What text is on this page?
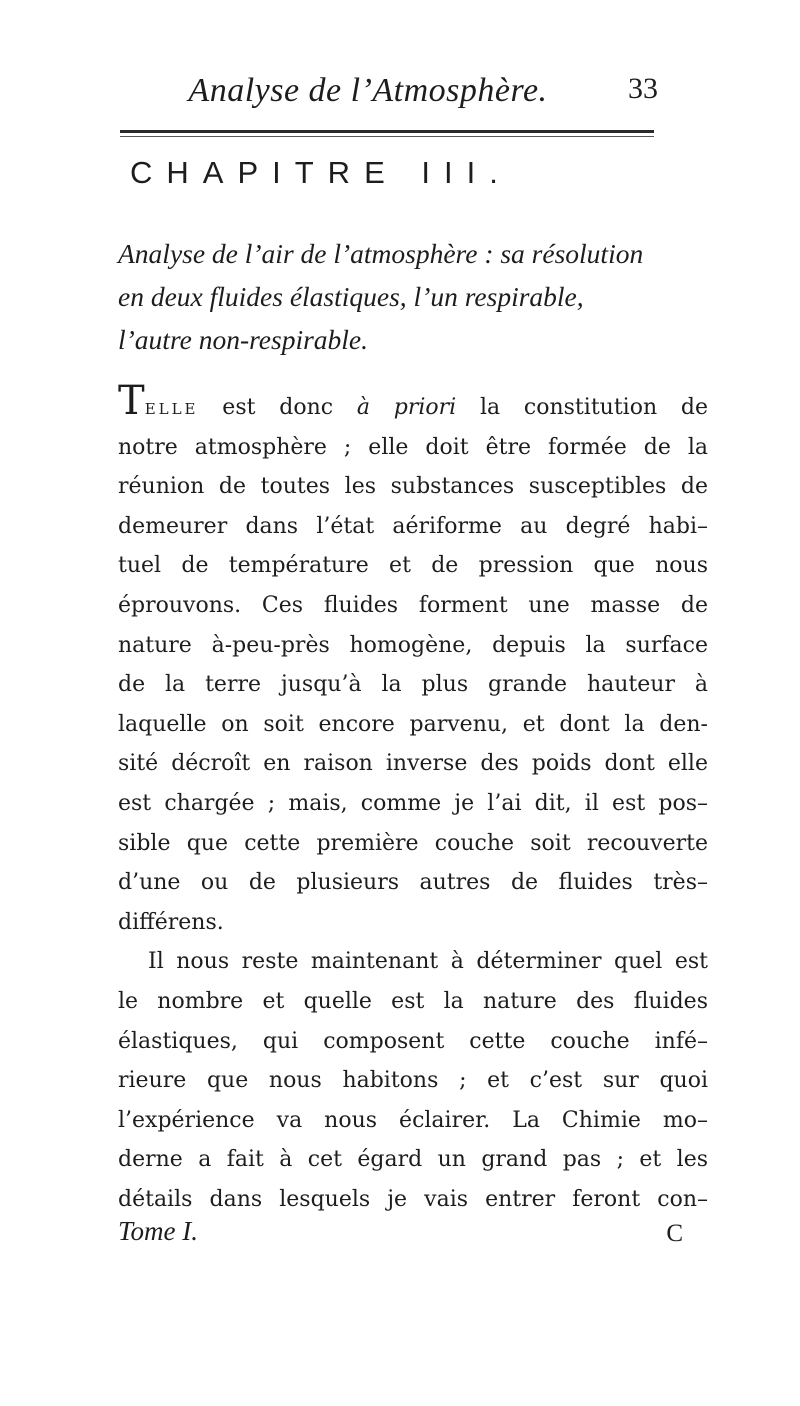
Analyse de l’Atmosphère.	33
CHAPITRE III.
Analyse de l’air de l’atmosphère : sa résolution
en deux fluides élastiques, l’un respirable,
l’autre non-respirable.
Telle est donc à priori la constitution de
notre atmosphère ; elle doit être formée de la
réunion de toutes les substances susceptibles de
demeurer dans l’état aériforme au degré habi–
tuel de température et de pression que nous
éprouvons. Ces fluides forment une masse de
nature à-peu-près homogène, depuis la surface
de la terre jusqu’à la plus grande hauteur à
laquelle on soit encore parvenu, et dont la den-
sité décroît en raison inverse des poids dont elle
est chargée ; mais, comme je l’ai dit, il est pos–
sible que cette première couche soit recouverte
d’une ou de plusieurs autres de fluides très–
différens.
Il nous reste maintenant à déterminer quel est
le nombre et quelle est la nature des fluides
élastiques, qui composent cette couche infé–
rieure que nous habitons ; et c’est sur quoi
l’expérience va nous éclairer. La Chimie mo–
derne a fait à cet égard un grand pas ; et les
détails dans lesquels je vais entrer feront con–
Tome I.	C
